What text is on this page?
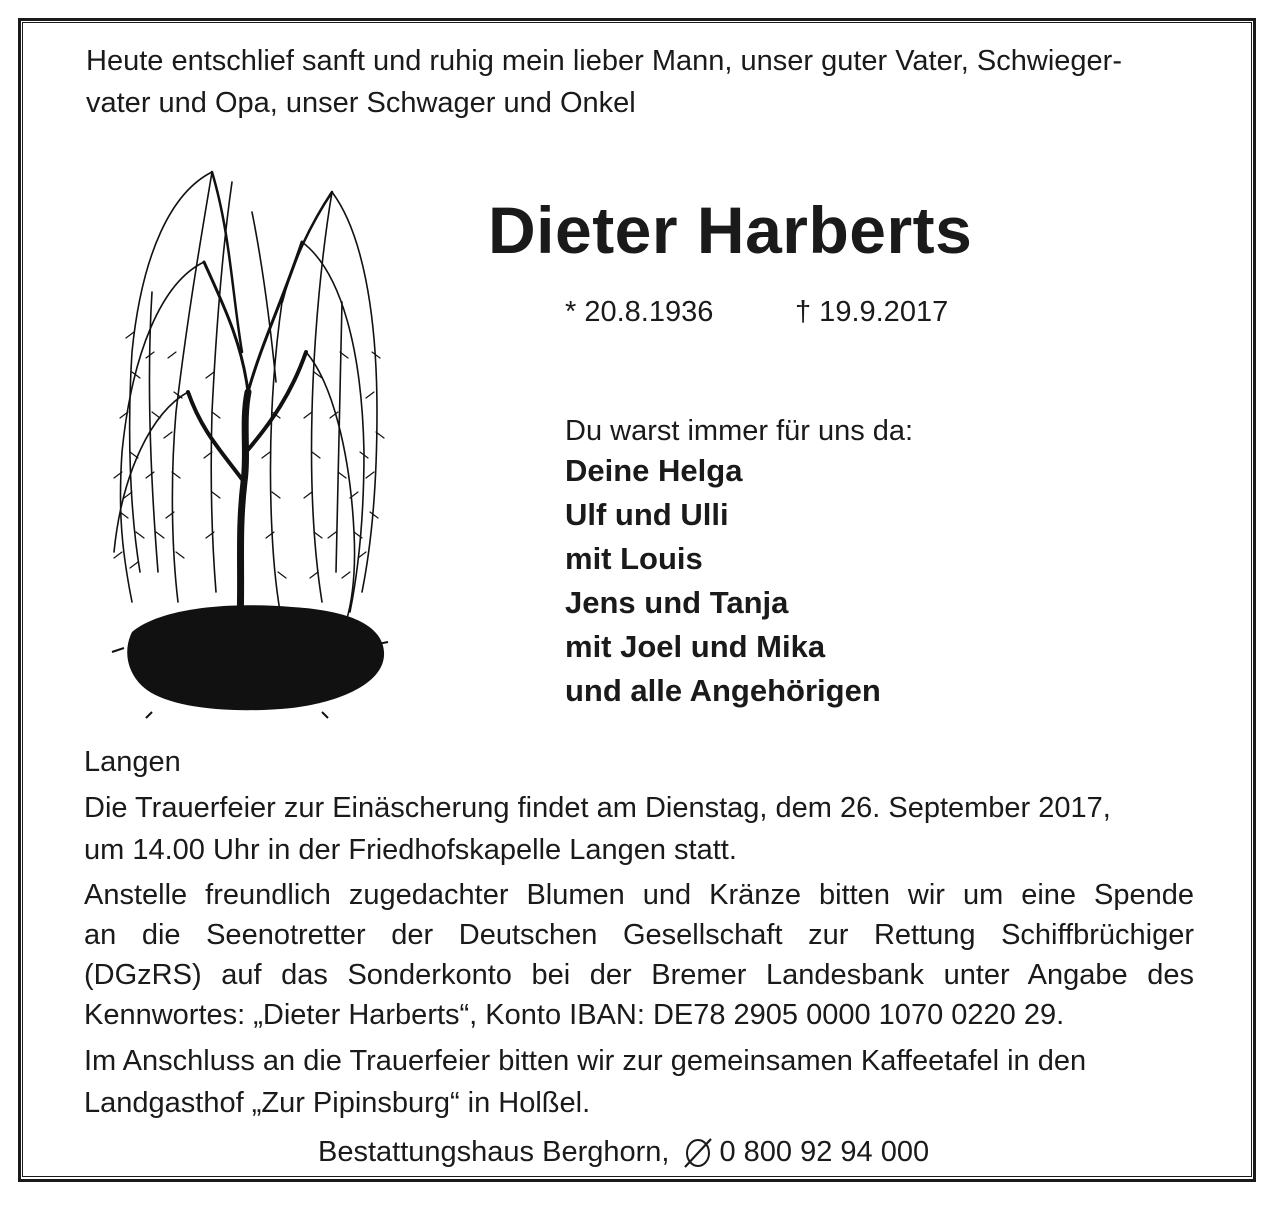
Heute entschlief sanft und ruhig mein lieber Mann, unser guter Vater, Schwieger-
vater und Opa, unser Schwager und Onkel
Dieter Harberts
* 20.8.1936	† 19.9.2017
Du warst immer für uns da:
Deine Helga
Ulf und Ulli
mit Louis
Jens und Tanja
mit Joel und Mika
und alle Angehörigen
Langen
Die Trauerfeier zur Einäscherung findet am Dienstag, dem 26. September 2017,
um 14.00 Uhr in der Friedhofskapelle Langen statt.
Anstelle freundlich zugedachter Blumen und Kränze bitten wir um eine Spende
an die Seenotretter der Deutschen Gesellschaft zur Rettung Schiffbrüchiger
(DGzRS) auf das Sonderkonto bei der Bremer Landesbank unter Angabe des
Kennwortes: „Dieter Harberts“, Konto IBAN: DE78 2905 0000 1070 0220 29.
Im Anschluss an die Trauerfeier bitten wir zur gemeinsamen Kaffeetafel in den
Landgasthof „Zur Pipinsburg“ in Holßel.
Bestattungshaus Berghorn, 0 800 92 94 000
